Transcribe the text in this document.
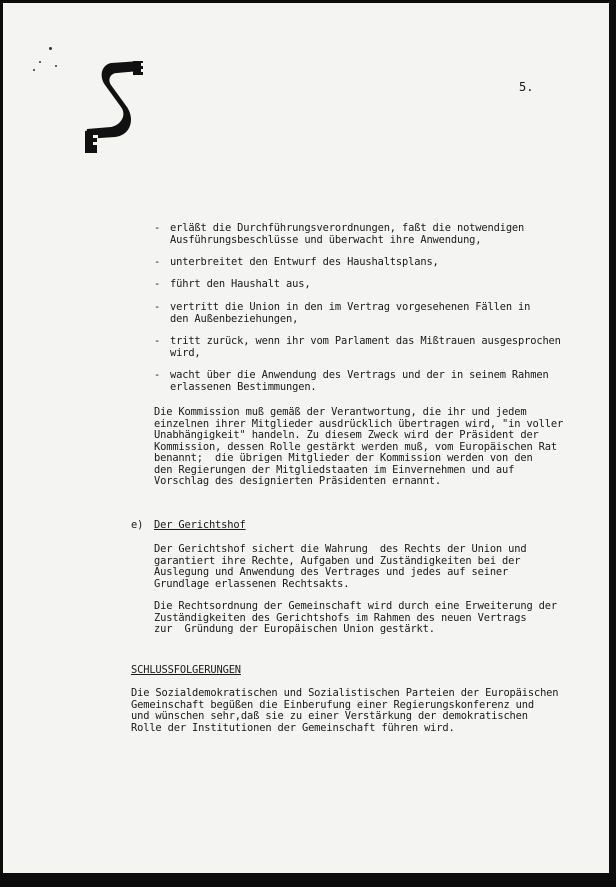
5.
- erläßt die Durchführungsverordnungen, faßt die notwendigen
Ausführungsbeschlüsse und überwacht ihre Anwendung,
- unterbreitet den Entwurf des Haushaltsplans,
- führt den Haushalt aus,
- vertritt die Union in den im Vertrag vorgesehenen Fällen in
den Außenbeziehungen,
- tritt zurück, wenn ihr vom Parlament das Mißtrauen ausgesprochen
wird,
- wacht über die Anwendung des Vertrags und der in seinem Rahmen
erlassenen Bestimmungen.
Die Kommission muß gemäß der Verantwortung, die ihr und jedem
einzelnen ihrer Mitglieder ausdrücklich übertragen wird, "in voller
Unabhängigkeit" handeln. Zu diesem Zweck wird der Präsident der
Kommission, dessen Rolle gestärkt werden muß, vom Europäischen Rat
benannt;  die übrigen Mitglieder der Kommission werden von den
den Regierungen der Mitgliedstaaten im Einvernehmen und auf
Vorschlag des designierten Präsidenten ernannt.
e) Der Gerichtshof
Der Gerichtshof sichert die Wahrung  des Rechts der Union und
garantiert ihre Rechte, Aufgaben und Zuständigkeiten bei der
Auslegung und Anwendung des Vertrages und jedes auf seiner
Grundlage erlassenen Rechtsakts.
Die Rechtsordnung der Gemeinschaft wird durch eine Erweiterung der
Zuständigkeiten des Gerichtshofs im Rahmen des neuen Vertrags
zur  Gründung der Europäischen Union gestärkt.
SCHLUSSFOLGERUNGEN
Die Sozialdemokratischen und Sozialistischen Parteien der Europäischen
Gemeinschaft begüßen die Einberufung einer Regierungskonferenz und
und wünschen sehr,daß sie zu einer Verstärkung der demokratischen
Rolle der Institutionen der Gemeinschaft führen wird.
